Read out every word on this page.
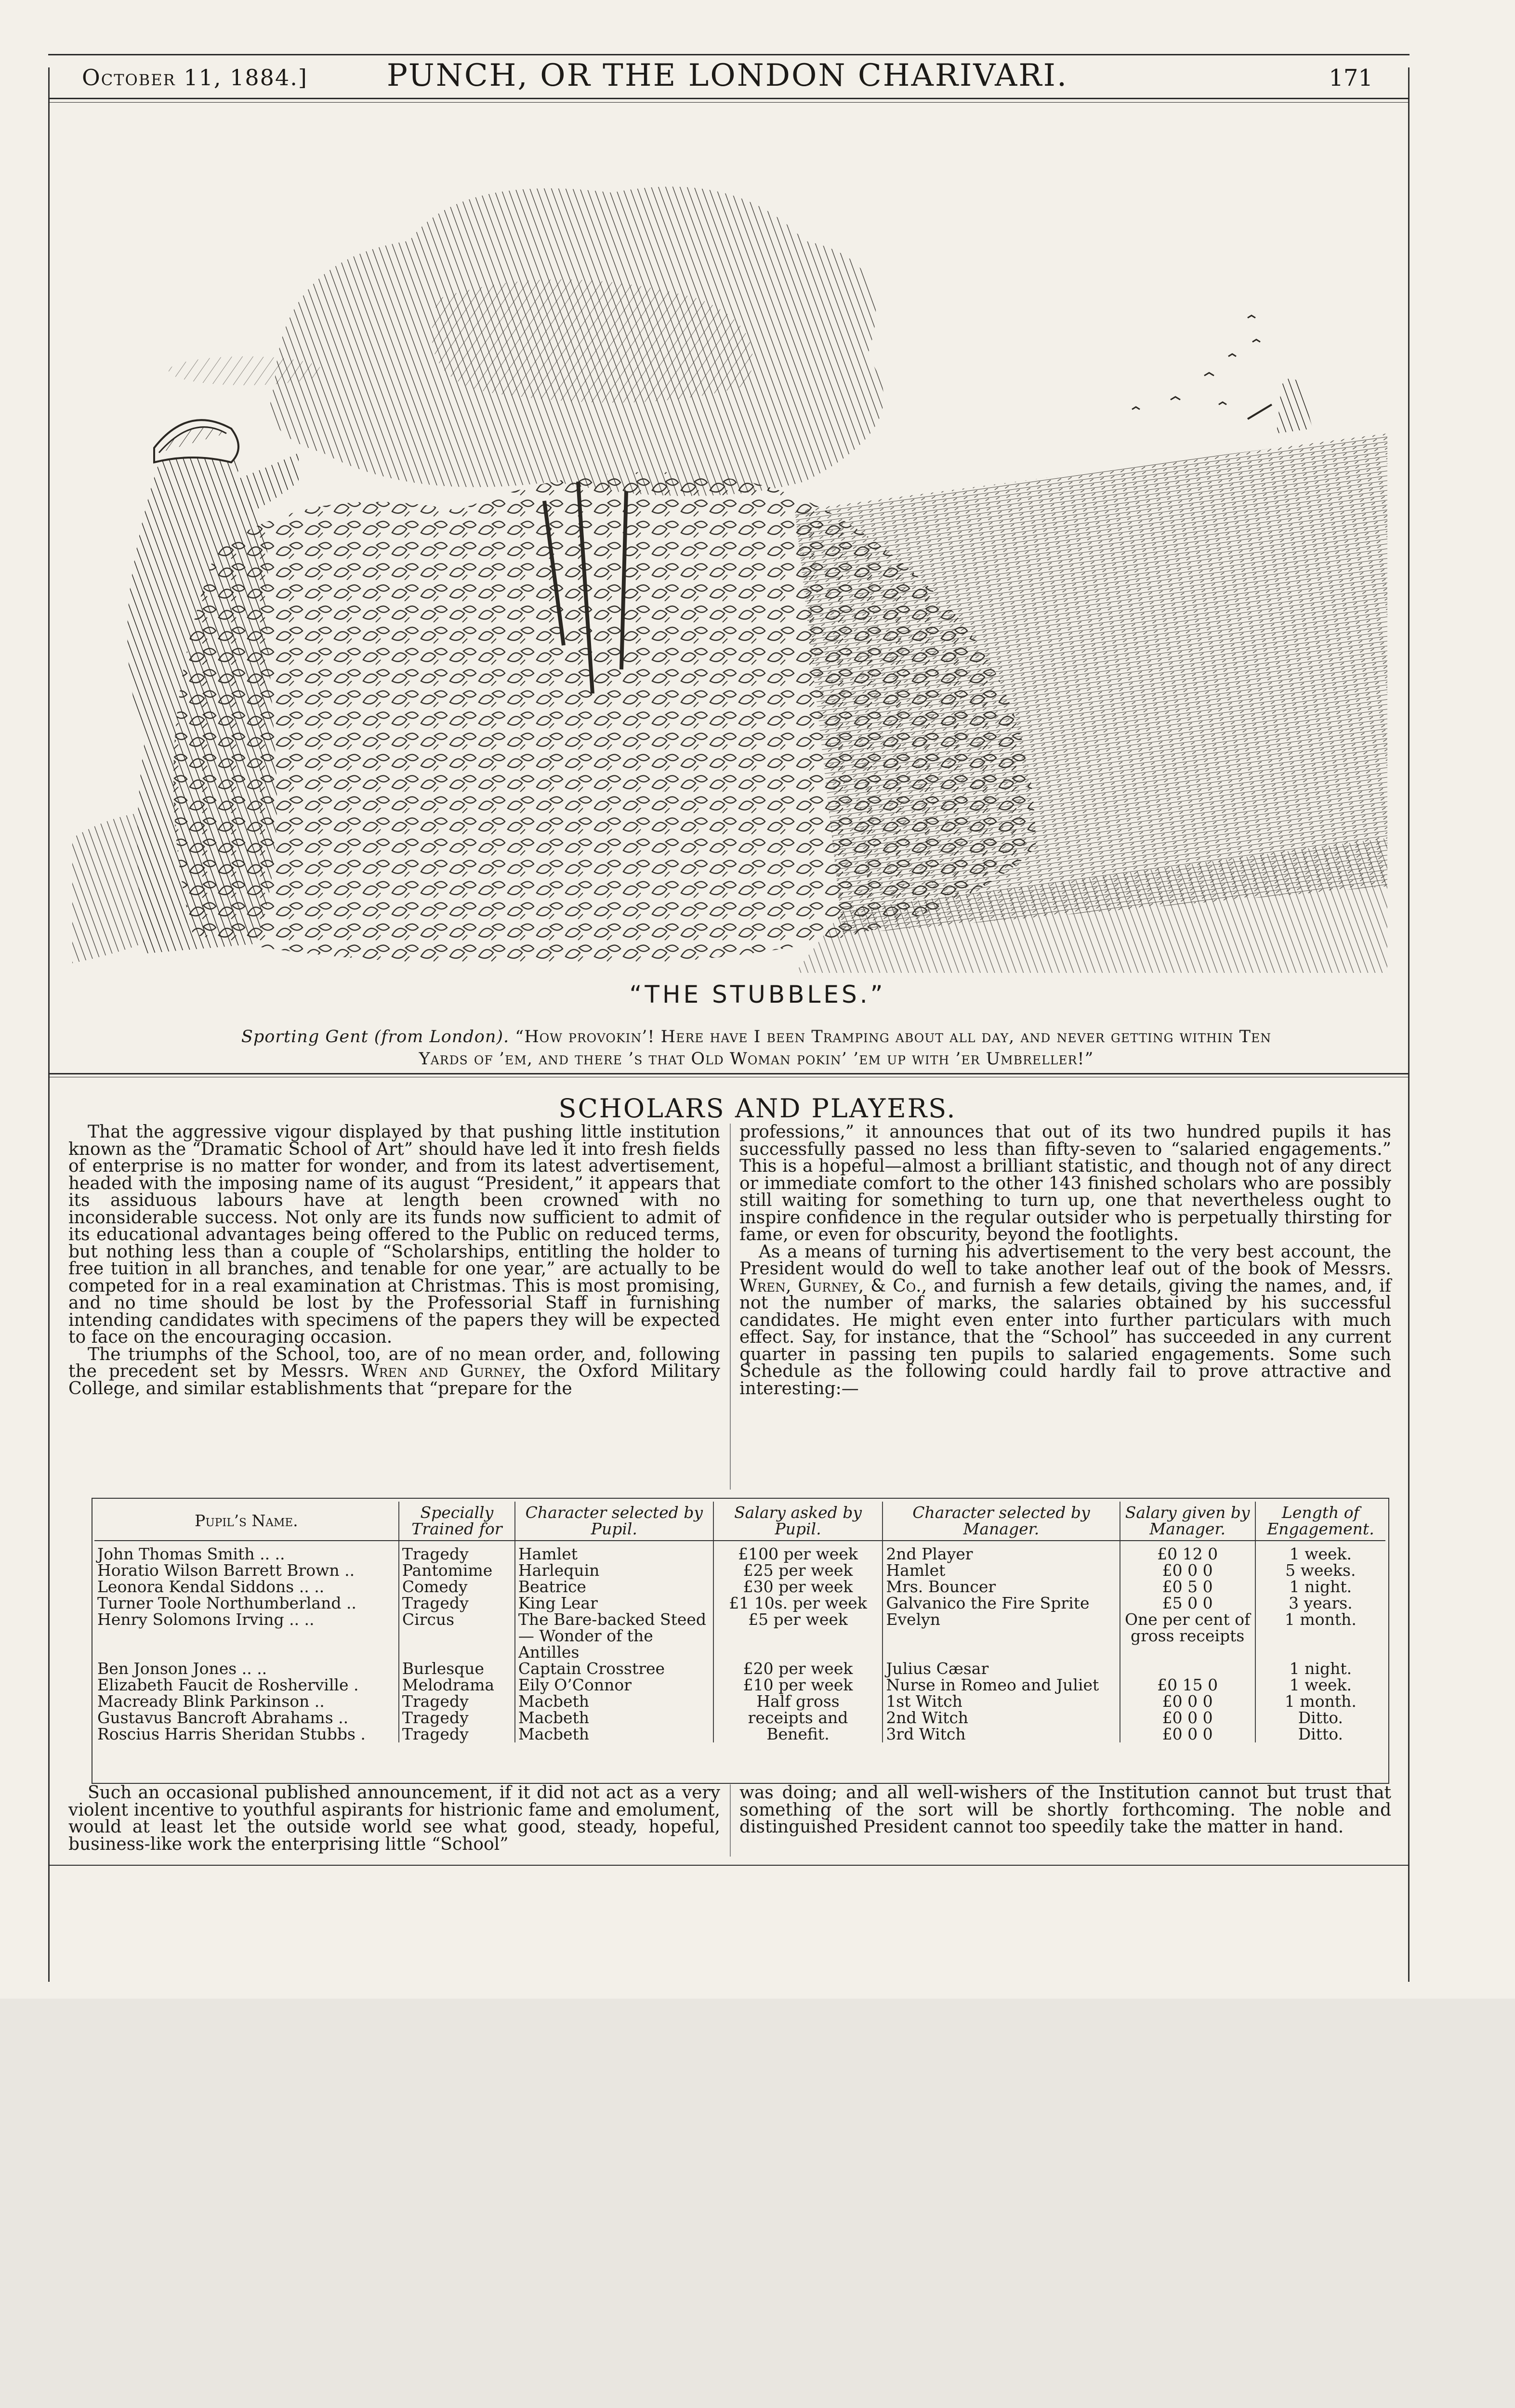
October 11, 1884.]	PUNCH, OR THE LONDON CHARIVARI.	171
“THE STUBBLES.”
Sporting Gent (from London). “How provokin’! Here have I been Tramping about all day, and never getting within Ten
Yards of ’em, and there ’s that Old Woman pokin’ ’em up with ’er Umbreller!”
SCHOLARS AND PLAYERS.

That the aggressive vigour displayed by that pushing little institution known as the “Dramatic School of Art” should have led it into fresh fields of enterprise is no matter for wonder, and from its latest advertisement, headed with the imposing name of its august “President,” it appears that its assiduous labours have at length been crowned with no inconsiderable success. Not only are its funds now sufficient to admit of its educational advantages being offered to the Public on reduced terms, but nothing less than a couple of “Scholarships, entitling the holder to free tuition in all branches, and tenable for one year,” are actually to be competed for in a real examination at Christmas. This is most promising, and no time should be lost by the Professorial Staff in furnishing intending candidates with specimens of the papers they will be expected to face on the encouraging occasion.

The triumphs of the School, too, are of no mean order, and, following the precedent set by Messrs. Wren and Gurney, the Oxford Military College, and similar establishments that “prepare for the

professions,” it announces that out of its two hundred pupils it has successfully passed no less than fifty-seven to “salaried engagements.” This is a hopeful—almost a brilliant statistic, and though not of any direct or immediate comfort to the other 143 finished scholars who are possibly still waiting for something to turn up, one that nevertheless ought to inspire confidence in the regular outsider who is perpetually thirsting for fame, or even for obscurity, beyond the footlights.

As a means of turning his advertisement to the very best account, the President would do well to take another leaf out of the book of Messrs. Wren, Gurney, & Co., and furnish a few details, giving the names, and, if not the number of marks, the salaries obtained by his successful candidates. He might even enter into further particulars with much effect. Say, for instance, that the “School” has succeeded in any current quarter in passing ten pupils to salaried engagements. Some such Schedule as the following could hardly fail to prove attractive and interesting:—

Pupil’s Name.	Specially Trained for	Character selected by Pupil.	Salary asked by Pupil.	Character selected by Manager.	Salary given by Manager.	Length of Engagement.
John Thomas Smith .. ..	Tragedy	Hamlet	£100 per week	2nd Player	£0 12 0	1 week.
Horatio Wilson Barrett Brown ..	Pantomime	Harlequin	£25 per week	Hamlet	£0 0 0	5 weeks.
Leonora Kendal Siddons .. ..	Comedy	Beatrice	£30 per week	Mrs. Bouncer	£0 5 0	1 night.
Turner Toole Northumberland ..	Tragedy	King Lear	£1 10s. per week	Galvanico the Fire Sprite	£5 0 0	3 years.
Henry Solomons Irving .. ..	Circus	The Bare-backed Steed — Wonder of the Antilles	£5 per week	Evelyn	One per cent of gross receipts	1 month.
Ben Jonson Jones .. ..	Burlesque	Captain Crosstree	£20 per week	Julius Cæsar		1 night.
Elizabeth Faucit de Rosherville .	Melodrama	Eily O’Connor	£10 per week	Nurse in Romeo and Juliet	£0 15 0	1 week.
Macready Blink Parkinson ..	Tragedy	Macbeth	Half gross	1st Witch	£0 0 0	1 month.
Gustavus Bancroft Abrahams ..	Tragedy	Macbeth	receipts and	2nd Witch	£0 0 0	Ditto.
Roscius Harris Sheridan Stubbs .	Tragedy	Macbeth	Benefit.	3rd Witch	£0 0 0	Ditto.

Such an occasional published announcement, if it did not act as a very violent incentive to youthful aspirants for histrionic fame and emolument, would at least let the outside world see what good, steady, hopeful, business-like work the enterprising little “School”

was doing; and all well-wishers of the Institution cannot but trust that something of the sort will be shortly forthcoming. The noble and distinguished President cannot too speedily take the matter in hand.
